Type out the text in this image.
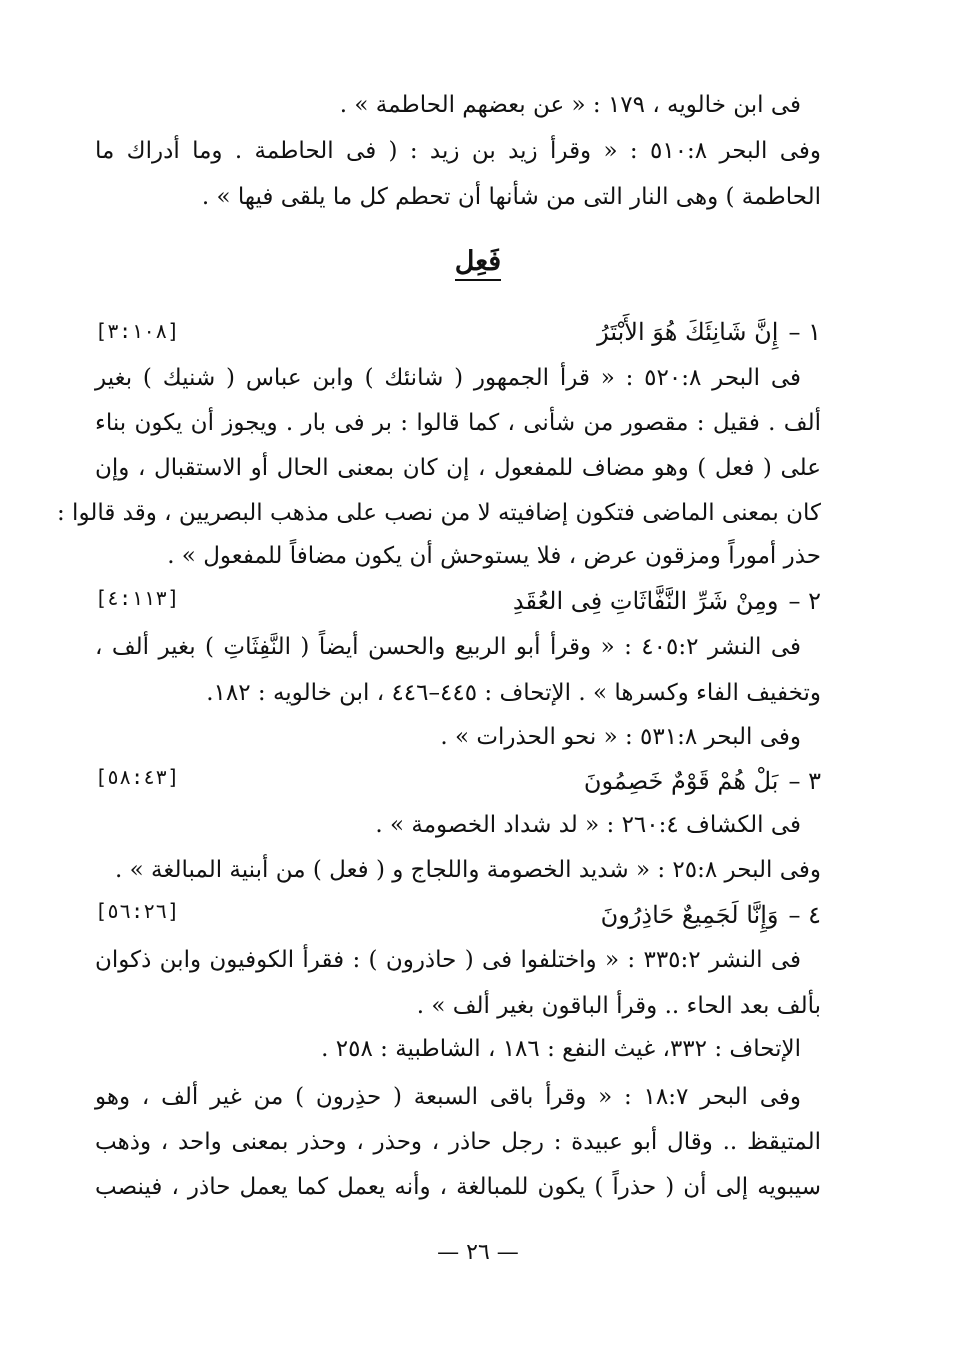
فى ابن خالويه ، ١٧٩ : « عن بعضهم الحاطمة » .
وفى البحر ٥١٠:٨ : « وقرأ زيد بن زيد : ( فى الحاطمة . وما أدراك ما
الحاطمة ) وهى النار التى من شأنها أن تحطم كل ما يلقى فيها » .
فَعِل
١ –إِنَّ شَانِئَكَ هُوَ الأَبْتَرُ
[٣:١٠٨]
فى البحر ٥٢٠:٨ : « قرأ الجمهور ( شانئك ) وابن عباس ( شنيك ) بغير
ألف . فقيل : مقصور من شأنى ، كما قالوا : بر فى بار . ويجوز أن يكون بناء
على ( فعل ) وهو مضاف للمفعول ، إن كان بمعنى الحال أو الاستقبال ، وإن
كان بمعنى الماضى فتكون إضافيته لا من نصب على مذهب البصريين ، وقد قالوا :
حذر أموراً ومزقون عرض ، فلا يستوحش أن يكون مضافاً للمفعول » .
٢ –ومِنْ شَرِّ النَّفَّاثَاتِ فِى العُقَدِ
[٤:١١٣]
فى النشر ٤٠٥:٢ : « وقرأ أبو الربيع والحسن أيضاً ( النَّفِثَاتِ ) بغير ألف ،
وتخفيف الفاء وكسرها » . الإتحاف : ٤٤٥–٤٤٦ ، ابن خالويه : ١٨٢.
وفى البحر ٥٣١:٨ : « نحو الحذرات » .
٣ –بَلْ هُمْ قَوْمٌ خَصِمُونَ
[٥٨:٤٣]
فى الكشاف ٢٦٠:٤ : « لد شداد الخصومة » .
وفى البحر ٢٥:٨ : « شديد الخصومة واللجاج و ( فعل ) من أبنية المبالغة » .
٤ –وَإِنَّا لَجَمِيعٌ حَاذِرُونَ
[٥٦:٢٦]
فى النشر ٣٣٥:٢ : « واختلفوا فى ( حاذرون ) : فقرأ الكوفيون وابن ذكوان
بألف بعد الحاء .. وقرأ الباقون بغير ألف » .
الإتحاف : ٣٣٢، غيث النفع : ١٨٦ ، الشاطبية : ٢٥٨ .
وفى البحر ١٨:٧ : « وقرأ باقى السبعة ( حذِرون ) من غير ألف ، وهو
المتيقظ .. وقال أبو عبيدة : رجل حاذر ، وحذر ، وحذر بمعنى واحد ، وذهب
سيبويه إلى أن ( حذراً ) يكون للمبالغة ، وأنه يعمل كما يعمل حاذر ، فينصب
— ٢٦ —
